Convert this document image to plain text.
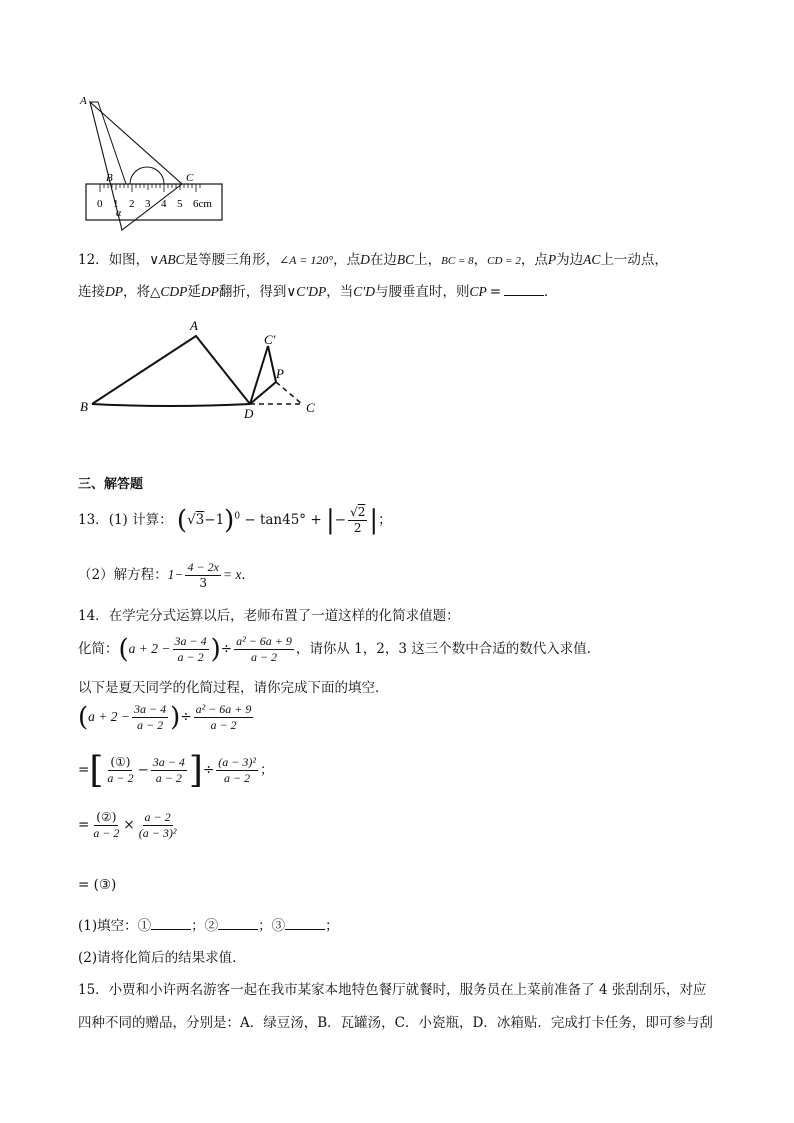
A
B	C
α
0 1 2 3 4 5 6cm
12．如图，∨ABC是等腰三角形，∠A = 120°，点D在边BC上，BC = 8，CD = 2，点P为边AC上一动点，
连接DP，将△CDP延DP翻折，得到∨C′DP，当C′D与腰垂直时，则CP =	．
A
B	C
C′
D
P
三、解答题
13．(1) 计算： $(√3-1)^0 - \tan 45^\circ$ + |− $\frac{√2}{2}$ |；
（2）解方程：$1- \frac{4 - 2x}{3} = x$．
14．在学完分式运算以后，老师布置了一道这样的化简求值题：
化简：($a + 2 - \frac{3a - 4}{a - 2}$ )÷ $\frac{\text{a² − 6a + 9}}{a - 2}$ ，请你从 1，2，3 这三个数中合适的数代入求值．
以下是夏天同学的化简过程，请你完成下面的填空．
($a + 2 - \frac{3a - 4}{a - 2}$ )÷ $\frac{\text{a² − 6a + 9}}{a - 2}$
=[ $\frac{\text{(①)}}{a - 2} - \frac{3a - 4}{a - 2}$ ]÷ $\frac{\text{(a − 3)²}}{a - 2}$ ；
= $\frac{\text{(②)}}{a - 2} \times \frac{a - 2}{\text{(a − 3)²}}$
= (③)
(1)填空：①	；②	；③	；
(2)请将化简后的结果求值．
15．小贾和小许两名游客一起在我市某家本地特色餐厅就餐时，服务员在上菜前准备了 4 张刮刮乐，对应
四种不同的赠品，分别是：A．绿豆汤，B．瓦罐汤，C．小瓷瓶，D．冰箱贴．完成打卡任务，即可参与刮
